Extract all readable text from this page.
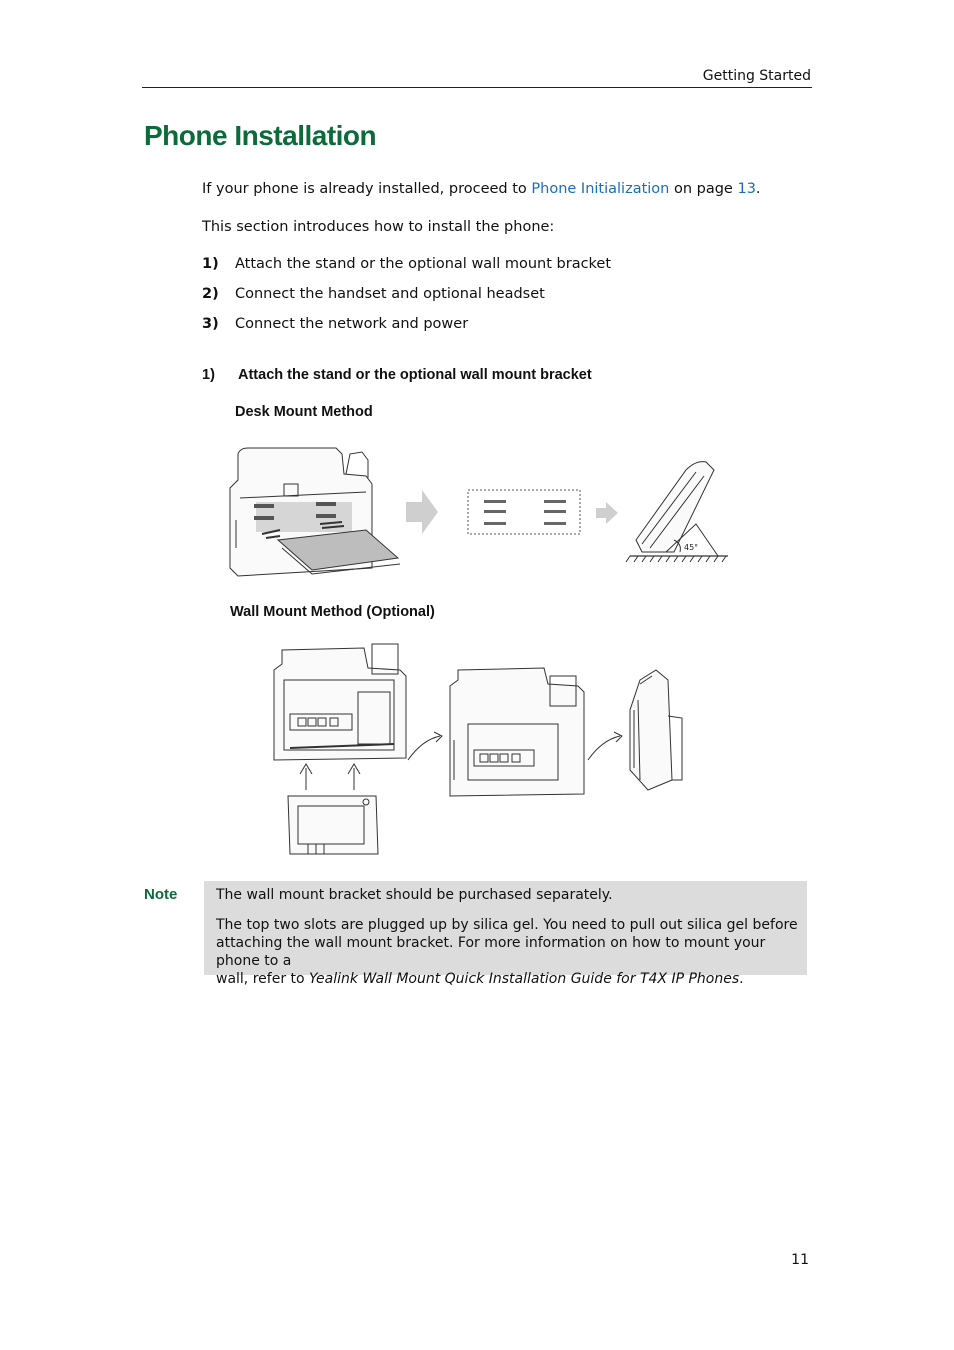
Getting Started
Phone Installation
If your phone is already installed, proceed to Phone Initialization on page 13.
This section introduces how to install the phone:
1) Attach the stand or the optional wall mount bracket
2) Connect the handset and optional headset
3) Connect the network and power
1) Attach the stand or the optional wall mount bracket
Desk Mount Method
45°
Wall Mount Method (Optional)
Note	The wall mount bracket should be purchased separately.
The top two slots are plugged up by silica gel. You need to pull out silica gel before
attaching the wall mount bracket. For more information on how to mount your phone to a
wall, refer to Yealink Wall Mount Quick Installation Guide for T4X IP Phones.
11
